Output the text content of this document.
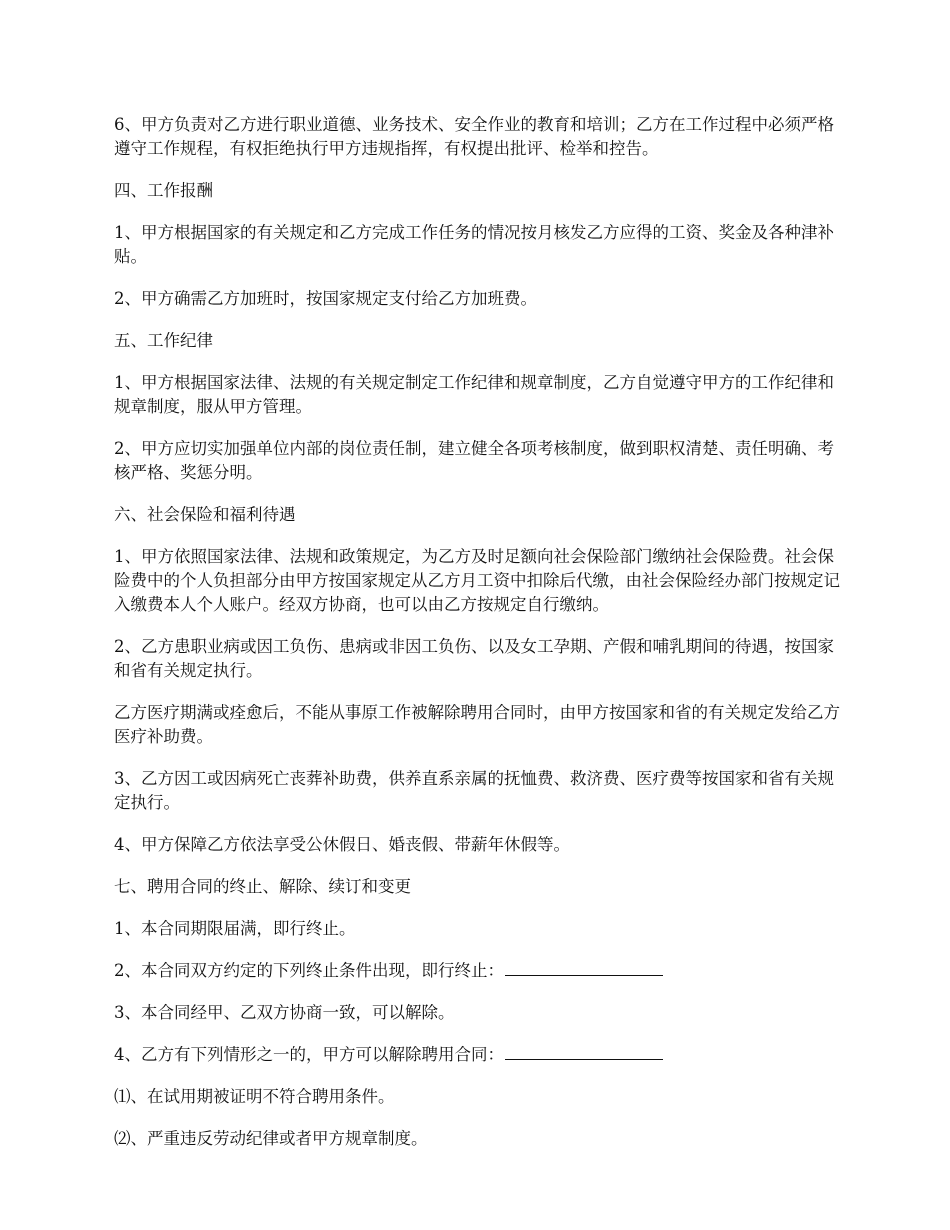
6、甲方负责对乙方进行职业道德、业务技术、安全作业的教育和培训；乙方在工作过程中必须严格遵守工作规程，有权拒绝执行甲方违规指挥，有权提出批评、检举和控告。

四、工作报酬

1、甲方根据国家的有关规定和乙方完成工作任务的情况按月核发乙方应得的工资、奖金及各种津补贴。

2、甲方确需乙方加班时，按国家规定支付给乙方加班费。

五、工作纪律

1、甲方根据国家法律、法规的有关规定制定工作纪律和规章制度，乙方自觉遵守甲方的工作纪律和规章制度，服从甲方管理。

2、甲方应切实加强单位内部的岗位责任制，建立健全各项考核制度，做到职权清楚、责任明确、考核严格、奖惩分明。

六、社会保险和福利待遇

1、甲方依照国家法律、法规和政策规定，为乙方及时足额向社会保险部门缴纳社会保险费。社会保险费中的个人负担部分由甲方按国家规定从乙方月工资中扣除后代缴，由社会保险经办部门按规定记入缴费本人个人账户。经双方协商，也可以由乙方按规定自行缴纳。

2、乙方患职业病或因工负伤、患病或非因工负伤、以及女工孕期、产假和哺乳期间的待遇，按国家和省有关规定执行。

乙方医疗期满或痊愈后，不能从事原工作被解除聘用合同时，由甲方按国家和省的有关规定发给乙方医疗补助费。

3、乙方因工或因病死亡丧葬补助费，供养直系亲属的抚恤费、救济费、医疗费等按国家和省有关规定执行。

4、甲方保障乙方依法享受公休假日、婚丧假、带薪年休假等。

七、聘用合同的终止、解除、续订和变更

1、本合同期限届满，即行终止。

2、本合同双方约定的下列终止条件出现，即行终止：

3、本合同经甲、乙双方协商一致，可以解除。

4、乙方有下列情形之一的，甲方可以解除聘用合同：

⑴、在试用期被证明不符合聘用条件。

⑵、严重违反劳动纪律或者甲方规章制度。
